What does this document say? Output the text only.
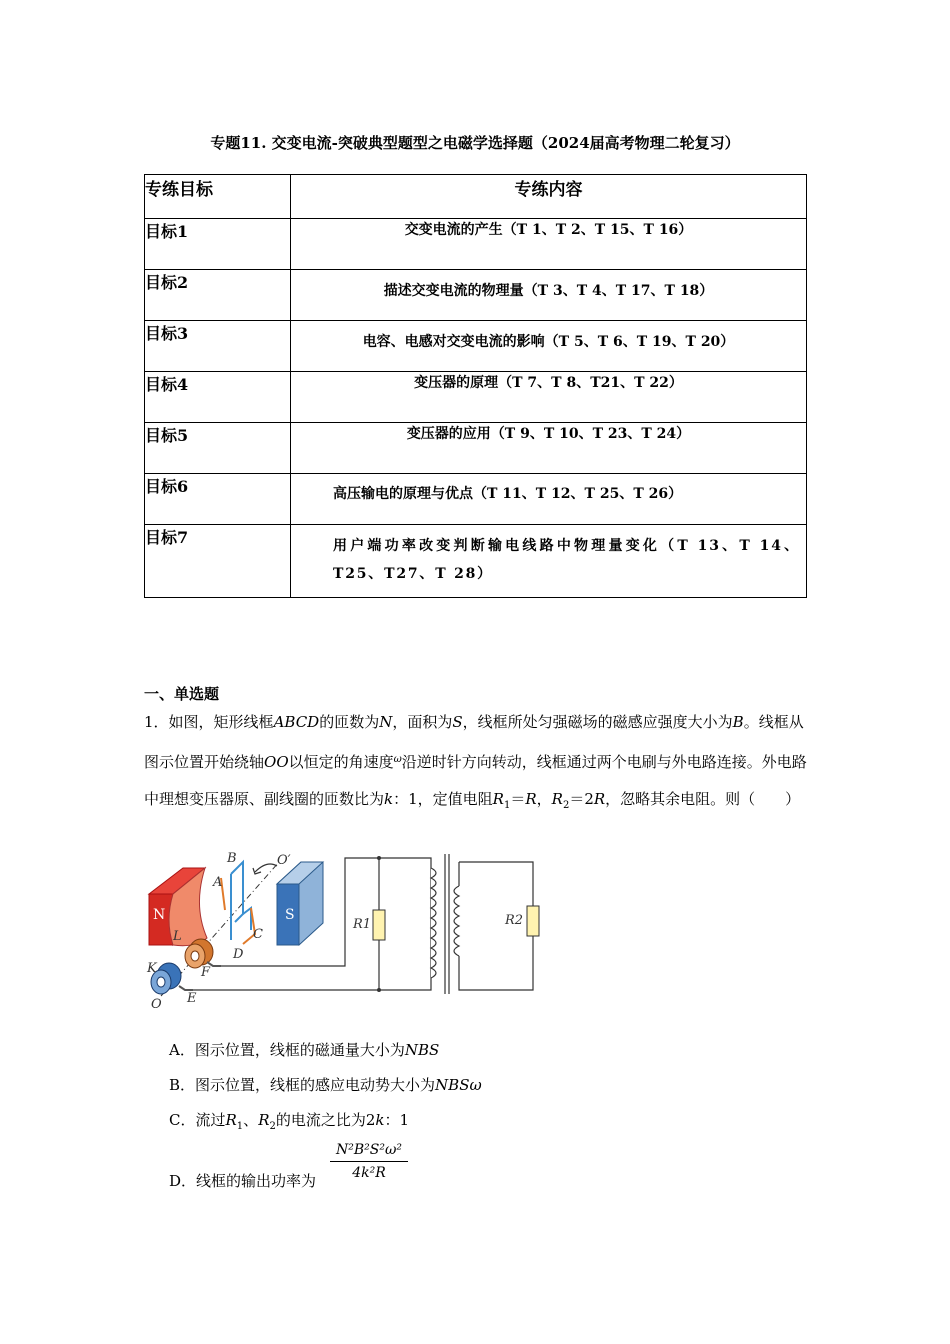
专题11. 交变电流-突破典型题型之电磁学选择题（2024届高考物理二轮复习）
专练目标	专练内容
目标1	交变电流的产生（T 1、T 2、T 15、T 16）
目标2	描述交变电流的物理量（T 3、T 4、T 17、T 18）
目标3	电容、电感对交变电流的影响（T 5、T 6、T 19、T 20）
目标4	变压器的原理（T 7、T 8、T21、T 22）
目标5	变压器的应用（T 9、T 10、T 23、T 24）
目标6	高压输电的原理与优点（T 11、T 12、T 25、T 26）
目标7	用户端功率改变判断输电线路中物理量变化（T 13、T 14、T25、T27、T 28）
一、单选题
1．如图，矩形线框ABCD的匝数为N，面积为S，线框所处匀强磁场的磁感应强度大小为B。线框从图示位置开始绕轴OO以恒定的角速度$^\omega$沿逆时针方向转动，线框通过两个电刷与外电路连接。外电路中理想变压器原、副线圈的匝数比为k：1，定值电阻$R_1=R$，$R_2=2R$，忽略其余电阻。则（　　）
N	S
B
A
C
D
L
K
O
F
E
O′
R1	R2
A．图示位置，线框的磁通量大小为NBS
B．图示位置，线框的感应电动势大小为NBSω
C．流过$R_1$、$R_2$的电流之比为2k：1
D．线框的输出功率为 $\frac{\text{N²B²S²ω²}}{\text{4k²R}}$
